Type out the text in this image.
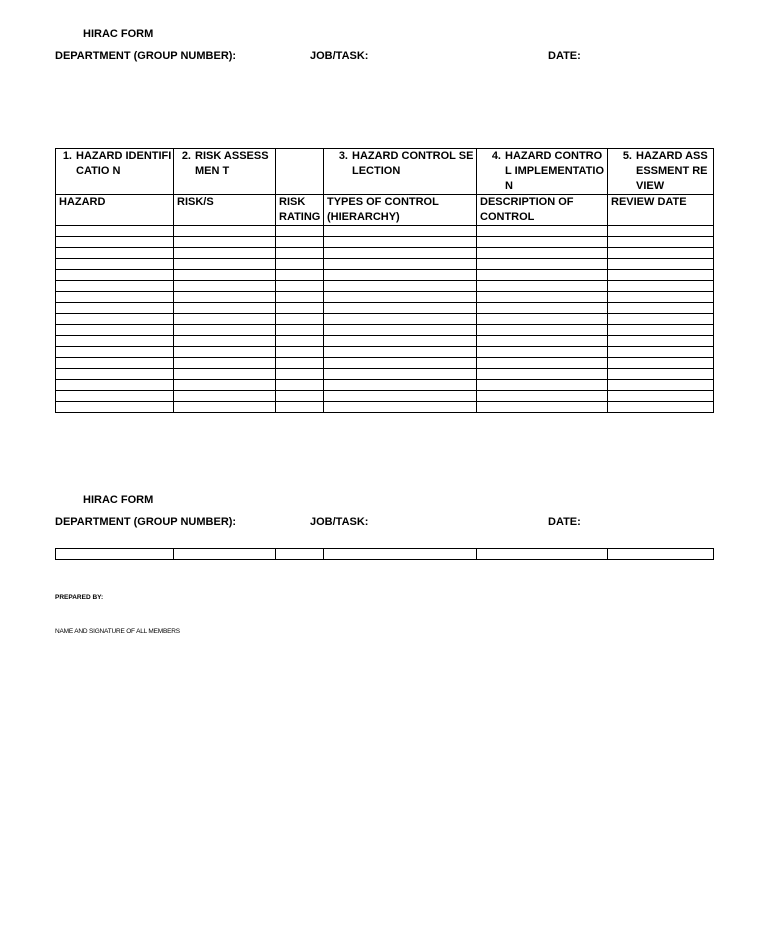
HIRAC FORM
DEPARTMENT (GROUP NUMBER):	JOB/TASK:	DATE:
1. HAZARD IDENTIFICATIO N	2. RISK ASSESSMEN T		3. HAZARD CONTROL SELECTION	4. HAZARD CONTROL IMPLEMENTATIO N	5. HAZARD ASSESSMENT REVIEW

HAZARD	RISK/S	RISK RATING	TYPES OF CONTROL (HIERARCHY)	DESCRIPTION OF CONTROL	REVIEW DATE

HIRAC FORM
DEPARTMENT (GROUP NUMBER):	JOB/TASK:	DATE:

PREPARED BY:
NAME AND SIGNATURE OF ALL MEMBERS
